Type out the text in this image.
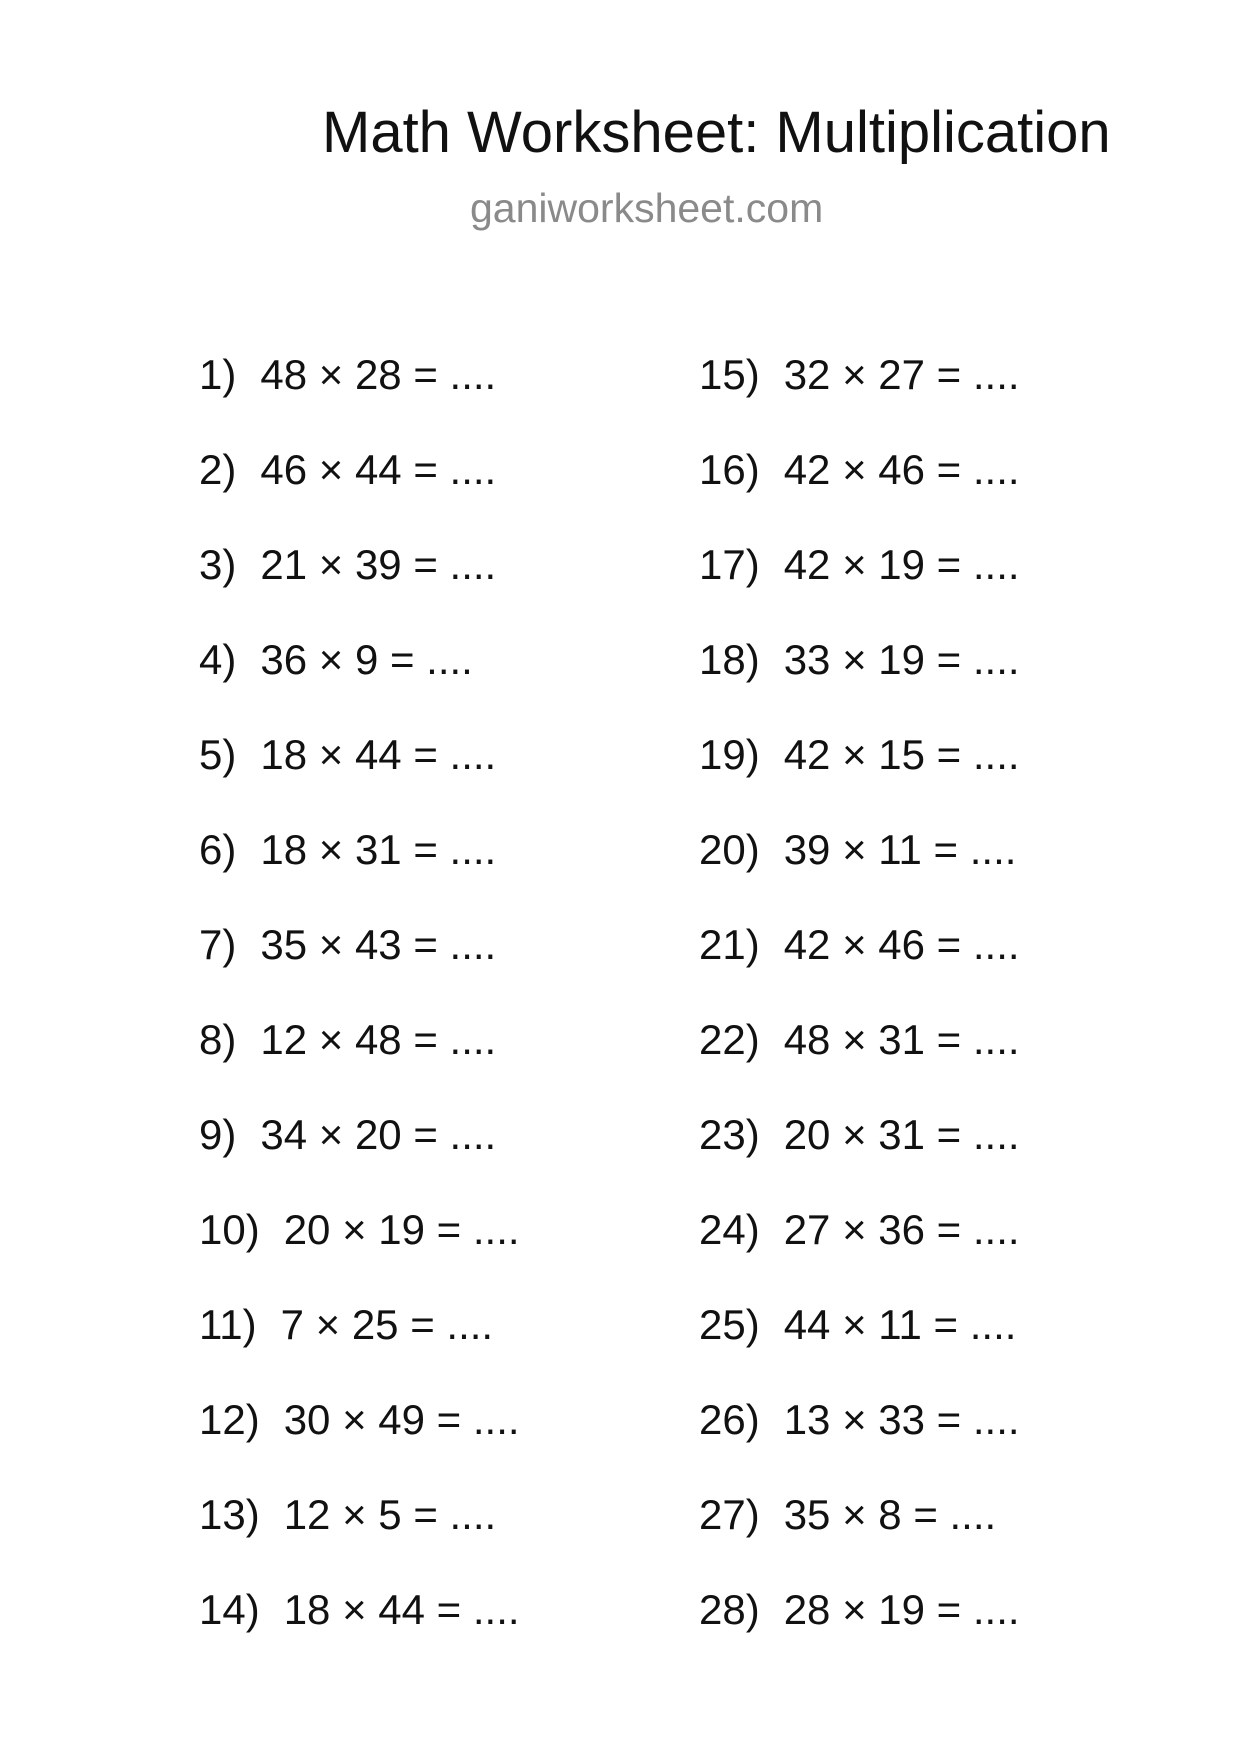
Math Worksheet: Multiplication
ganiworksheet.com
1) 48 × 28 = ....
2) 46 × 44 = ....
3) 21 × 39 = ....
4) 36 × 9 = ....
5) 18 × 44 = ....
6) 18 × 31 = ....
7) 35 × 43 = ....
8) 12 × 48 = ....
9) 34 × 20 = ....
10) 20 × 19 = ....
11) 7 × 25 = ....
12) 30 × 49 = ....
13) 12 × 5 = ....
14) 18 × 44 = ....
15) 32 × 27 = ....
16) 42 × 46 = ....
17) 42 × 19 = ....
18) 33 × 19 = ....
19) 42 × 15 = ....
20) 39 × 11 = ....
21) 42 × 46 = ....
22) 48 × 31 = ....
23) 20 × 31 = ....
24) 27 × 36 = ....
25) 44 × 11 = ....
26) 13 × 33 = ....
27) 35 × 8 = ....
28) 28 × 19 = ....
